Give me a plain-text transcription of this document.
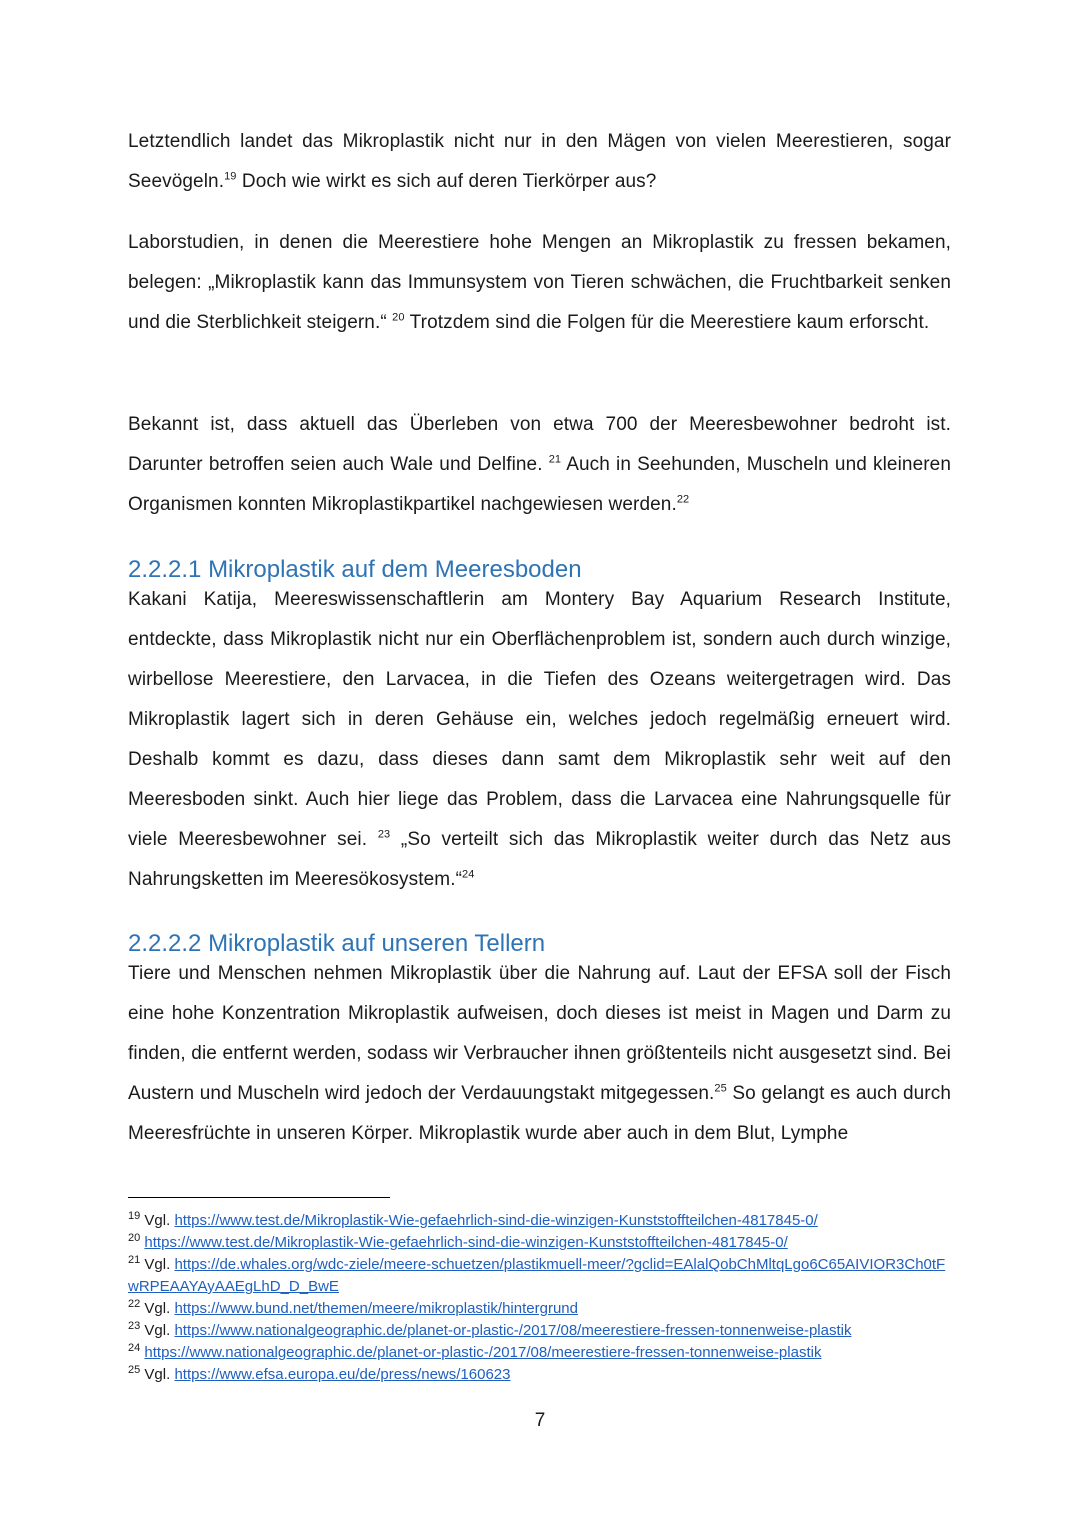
Letztendlich landet das Mikroplastik nicht nur in den Mägen von vielen Meerestieren, sogar Seevögeln.$^{19}$ Doch wie wirkt es sich auf deren Tierkörper aus?

Laborstudien, in denen die Meerestiere hohe Mengen an Mikroplastik zu fressen bekamen, belegen: „Mikroplastik kann das Immunsystem von Tieren schwächen, die Fruchtbarkeit senken und die Sterblichkeit steigern.“ $^{20}$ Trotzdem sind die Folgen für die Meerestiere kaum erforscht.

Bekannt ist, dass aktuell das Überleben von etwa 700 der Meeresbewohner bedroht ist. Darunter betroffen seien auch Wale und Delfine. $^{21}$ Auch in Seehunden, Muscheln und kleineren Organismen konnten Mikroplastikpartikel nachgewiesen werden.$^{22}$

2.2.2.1 Mikroplastik auf dem Meeresboden

Kakani Katija, Meereswissenschaftlerin am Montery Bay Aquarium Research Institute, entdeckte, dass Mikroplastik nicht nur ein Oberflächenproblem ist, sondern auch durch winzige, wirbellose Meerestiere, den Larvacea, in die Tiefen des Ozeans weitergetragen wird. Das Mikroplastik lagert sich in deren Gehäuse ein, welches jedoch regelmäßig erneuert wird. Deshalb kommt es dazu, dass dieses dann samt dem Mikroplastik sehr weit auf den Meeresboden sinkt. Auch hier liege das Problem, dass die Larvacea eine Nahrungsquelle für viele Meeresbewohner sei. $^{23}$ „So verteilt sich das Mikroplastik weiter durch das Netz aus Nahrungsketten im Meeresökosystem.“$^{24}$

2.2.2.2 Mikroplastik auf unseren Tellern

Tiere und Menschen nehmen Mikroplastik über die Nahrung auf. Laut der EFSA soll der Fisch eine hohe Konzentration Mikroplastik aufweisen, doch dieses ist meist in Magen und Darm zu finden, die entfernt werden, sodass wir Verbraucher ihnen größtenteils nicht ausgesetzt sind. Bei Austern und Muscheln wird jedoch der Verdauungstakt mitgegessen.$^{25}$ So gelangt es auch durch Meeresfrüchte in unseren Körper. Mikroplastik wurde aber auch in dem Blut, Lymphe

$^{19}$ Vgl. https://www.test.de/Mikroplastik-Wie-gefaehrlich-sind-die-winzigen-Kunststoffteilchen-4817845-0/

$^{20}$ https://www.test.de/Mikroplastik-Wie-gefaehrlich-sind-die-winzigen-Kunststoffteilchen-4817845-0/

$^{21}$ Vgl. https://de.whales.org/wdc-ziele/meere-schuetzen/plastikmuell-meer/?gclid=EAlalQobChMltqLgo6C65AIVIOR3Ch0tFwRPEAAYAyAAEgLhD_D_BwE

$^{22}$ Vgl. https://www.bund.net/themen/meere/mikroplastik/hintergrund

$^{23}$ Vgl. https://www.nationalgeographic.de/planet-or-plastic-/2017/08/meerestiere-fressen-tonnenweise-plastik

$^{24}$ https://www.nationalgeographic.de/planet-or-plastic-/2017/08/meerestiere-fressen-tonnenweise-plastik

$^{25}$ Vgl. https://www.efsa.europa.eu/de/press/news/160623

7
